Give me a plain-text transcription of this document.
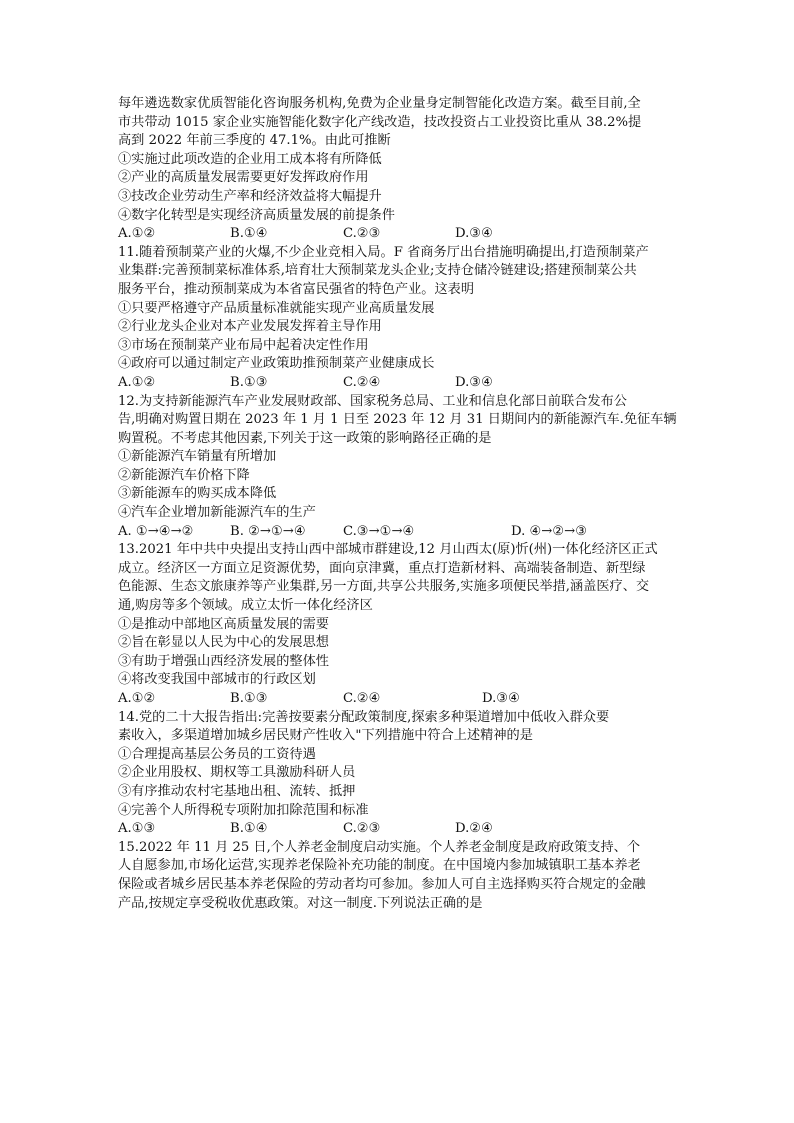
每年遴选数家优质智能化咨询服务机构,免费为企业量身定制智能化改造方案。截至目前,全
市共带动 1015 家企业实施智能化数字化产线改造，技改投资占工业投资比重从 38.2%提
高到 2022 年前三季度的 47.1%。由此可推断
①实施过此项改造的企业用工成本将有所降低
②产业的高质量发展需要更好发挥政府作用
③技改企业劳动生产率和经济效益将大幅提升
④数字化转型是实现经济高质量发展的前提条件
A.①②	B.①④	C.②③	D.③④
11.随着预制菜产业的火爆,不少企业竞相入局。F 省商务厅出台措施明确提出,打造预制菜产
业集群:完善预制菜标准体系,培育壮大预制菜龙头企业;支持仓储冷链建设;搭建预制菜公共
服务平台，推动预制菜成为本省富民强省的特色产业。这表明
①只要严格遵守产品质量标准就能实现产业高质量发展
②行业龙头企业对本产业发展发挥着主导作用
③市场在预制菜产业布局中起着决定性作用
④政府可以通过制定产业政策助推预制菜产业健康成长
A.①②	B.①③	C.②④	D.③④
12.为支持新能源汽车产业发展财政部、国家税务总局、工业和信息化部日前联合发布公
告,明确对购置日期在 2023 年 1 月 1 日至 2023 年 12 月 31 日期间内的新能源汽车.免征车辆
购置税。不考虑其他因素,下列关于这一政策的影响路径正确的是
①新能源汽车销量有所增加
②新能源汽车价格下降
③新能源车的购买成本降低
④汽车企业增加新能源汽车的生产
A. ①→④→②	B. ②→①→④	C.③→①→④	D. ④→②→③
13.2021 年中共中央提出支持山西中部城市群建设,12 月山西太(原)忻(州)一体化经济区正式
成立。经济区一方面立足资源优势，面向京津冀，重点打造新材料、高端装备制造、新型绿
色能源、生态文旅康养等产业集群,另一方面,共享公共服务,实施多项便民举措,涵盖医疗、交
通,购房等多个领域。成立太忻一体化经济区
①是推动中部地区高质量发展的需要
②旨在彰显以人民为中心的发展思想
③有助于增强山西经济发展的整体性
④将改变我国中部城市的行政区划
A.①②	B.①③	C.②④	D.③④
14.党的二十大报告指出:完善按要素分配政策制度,探索多种渠道增加中低收入群众要
素收入，多渠道增加城乡居民财产性收入"下列措施中符合上述精神的是
①合理提高基层公务员的工资待遇
②企业用股权、期权等工具激励科研人员
③有序推动农村宅基地出租、流转、抵押
④完善个人所得税专项附加扣除范围和标准
A.①③	B.①④	C.②③	D.②④
15.2022 年 11 月 25 日,个人养老金制度启动实施。个人养老金制度是政府政策支持、个
人自愿参加,市场化运营,实现养老保险补充功能的制度。在中国境内参加城镇职工基本养老
保险或者城乡居民基本养老保险的劳动者均可参加。参加人可自主选择购买符合规定的金融
产品,按规定享受税收优惠政策。对这一制度.下列说法正确的是
